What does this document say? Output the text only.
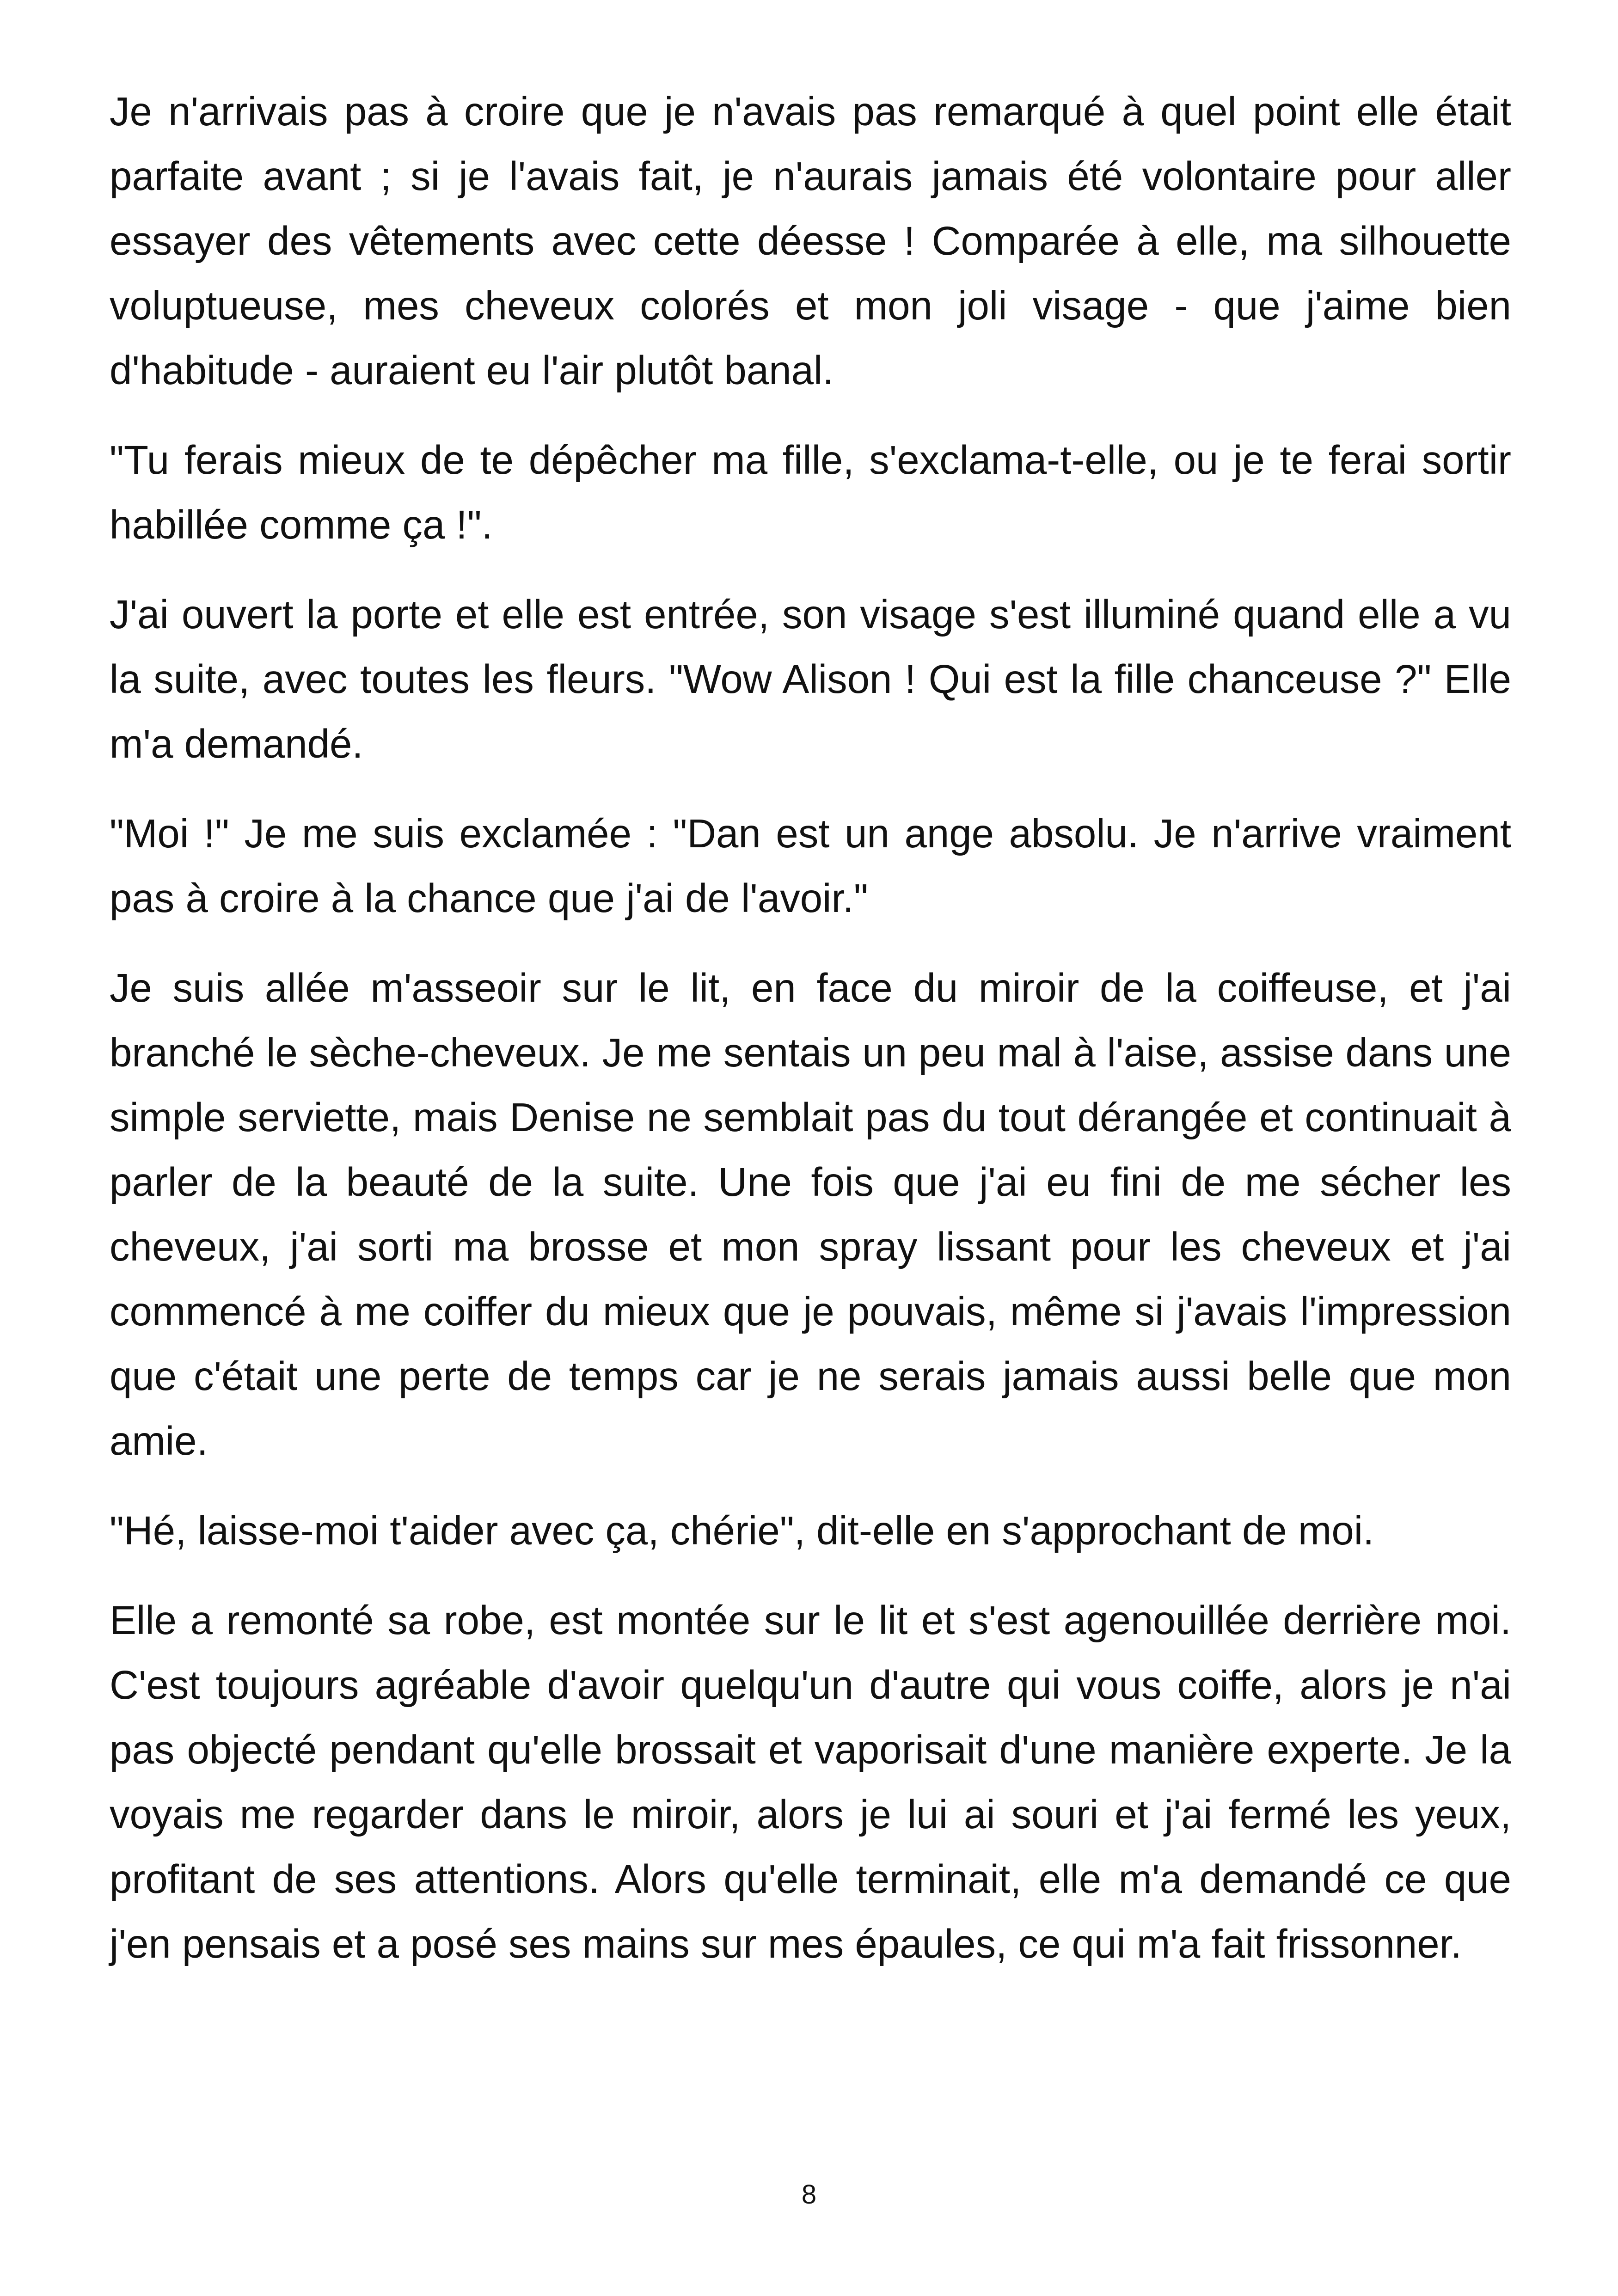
Je n'arrivais pas à croire que je n'avais pas remarqué à quel point elle était parfaite avant ; si je l'avais fait, je n'aurais jamais été volontaire pour aller essayer des vêtements avec cette déesse ! Comparée à elle, ma silhouette voluptueuse, mes cheveux colorés et mon joli visage - que j'aime bien d'habitude - auraient eu l'air plutôt banal.

"Tu ferais mieux de te dépêcher ma fille, s'exclama-t-elle, ou je te ferai sortir habillée comme ça !".

J'ai ouvert la porte et elle est entrée, son visage s'est illuminé quand elle a vu la suite, avec toutes les fleurs. "Wow Alison ! Qui est la fille chanceuse ?" Elle m'a demandé.

"Moi !" Je me suis exclamée : "Dan est un ange absolu. Je n'arrive vraiment pas à croire à la chance que j'ai de l'avoir."

Je suis allée m'asseoir sur le lit, en face du miroir de la coiffeuse, et j'ai branché le sèche-cheveux. Je me sentais un peu mal à l'aise, assise dans une simple serviette, mais Denise ne semblait pas du tout dérangée et continuait à parler de la beauté de la suite. Une fois que j'ai eu fini de me sécher les cheveux, j'ai sorti ma brosse et mon spray lissant pour les cheveux et j'ai commencé à me coiffer du mieux que je pouvais, même si j'avais l'impression que c'était une perte de temps car je ne serais jamais aussi belle que mon amie.

"Hé, laisse-moi t'aider avec ça, chérie", dit-elle en s'approchant de moi.

Elle a remonté sa robe, est montée sur le lit et s'est agenouillée derrière moi. C'est toujours agréable d'avoir quelqu'un d'autre qui vous coiffe, alors je n'ai pas objecté pendant qu'elle brossait et vaporisait d'une manière experte. Je la voyais me regarder dans le miroir, alors je lui ai souri et j'ai fermé les yeux, profitant de ses attentions. Alors qu'elle terminait, elle m'a demandé ce que j'en pensais et a posé ses mains sur mes épaules, ce qui m'a fait frissonner.

8
